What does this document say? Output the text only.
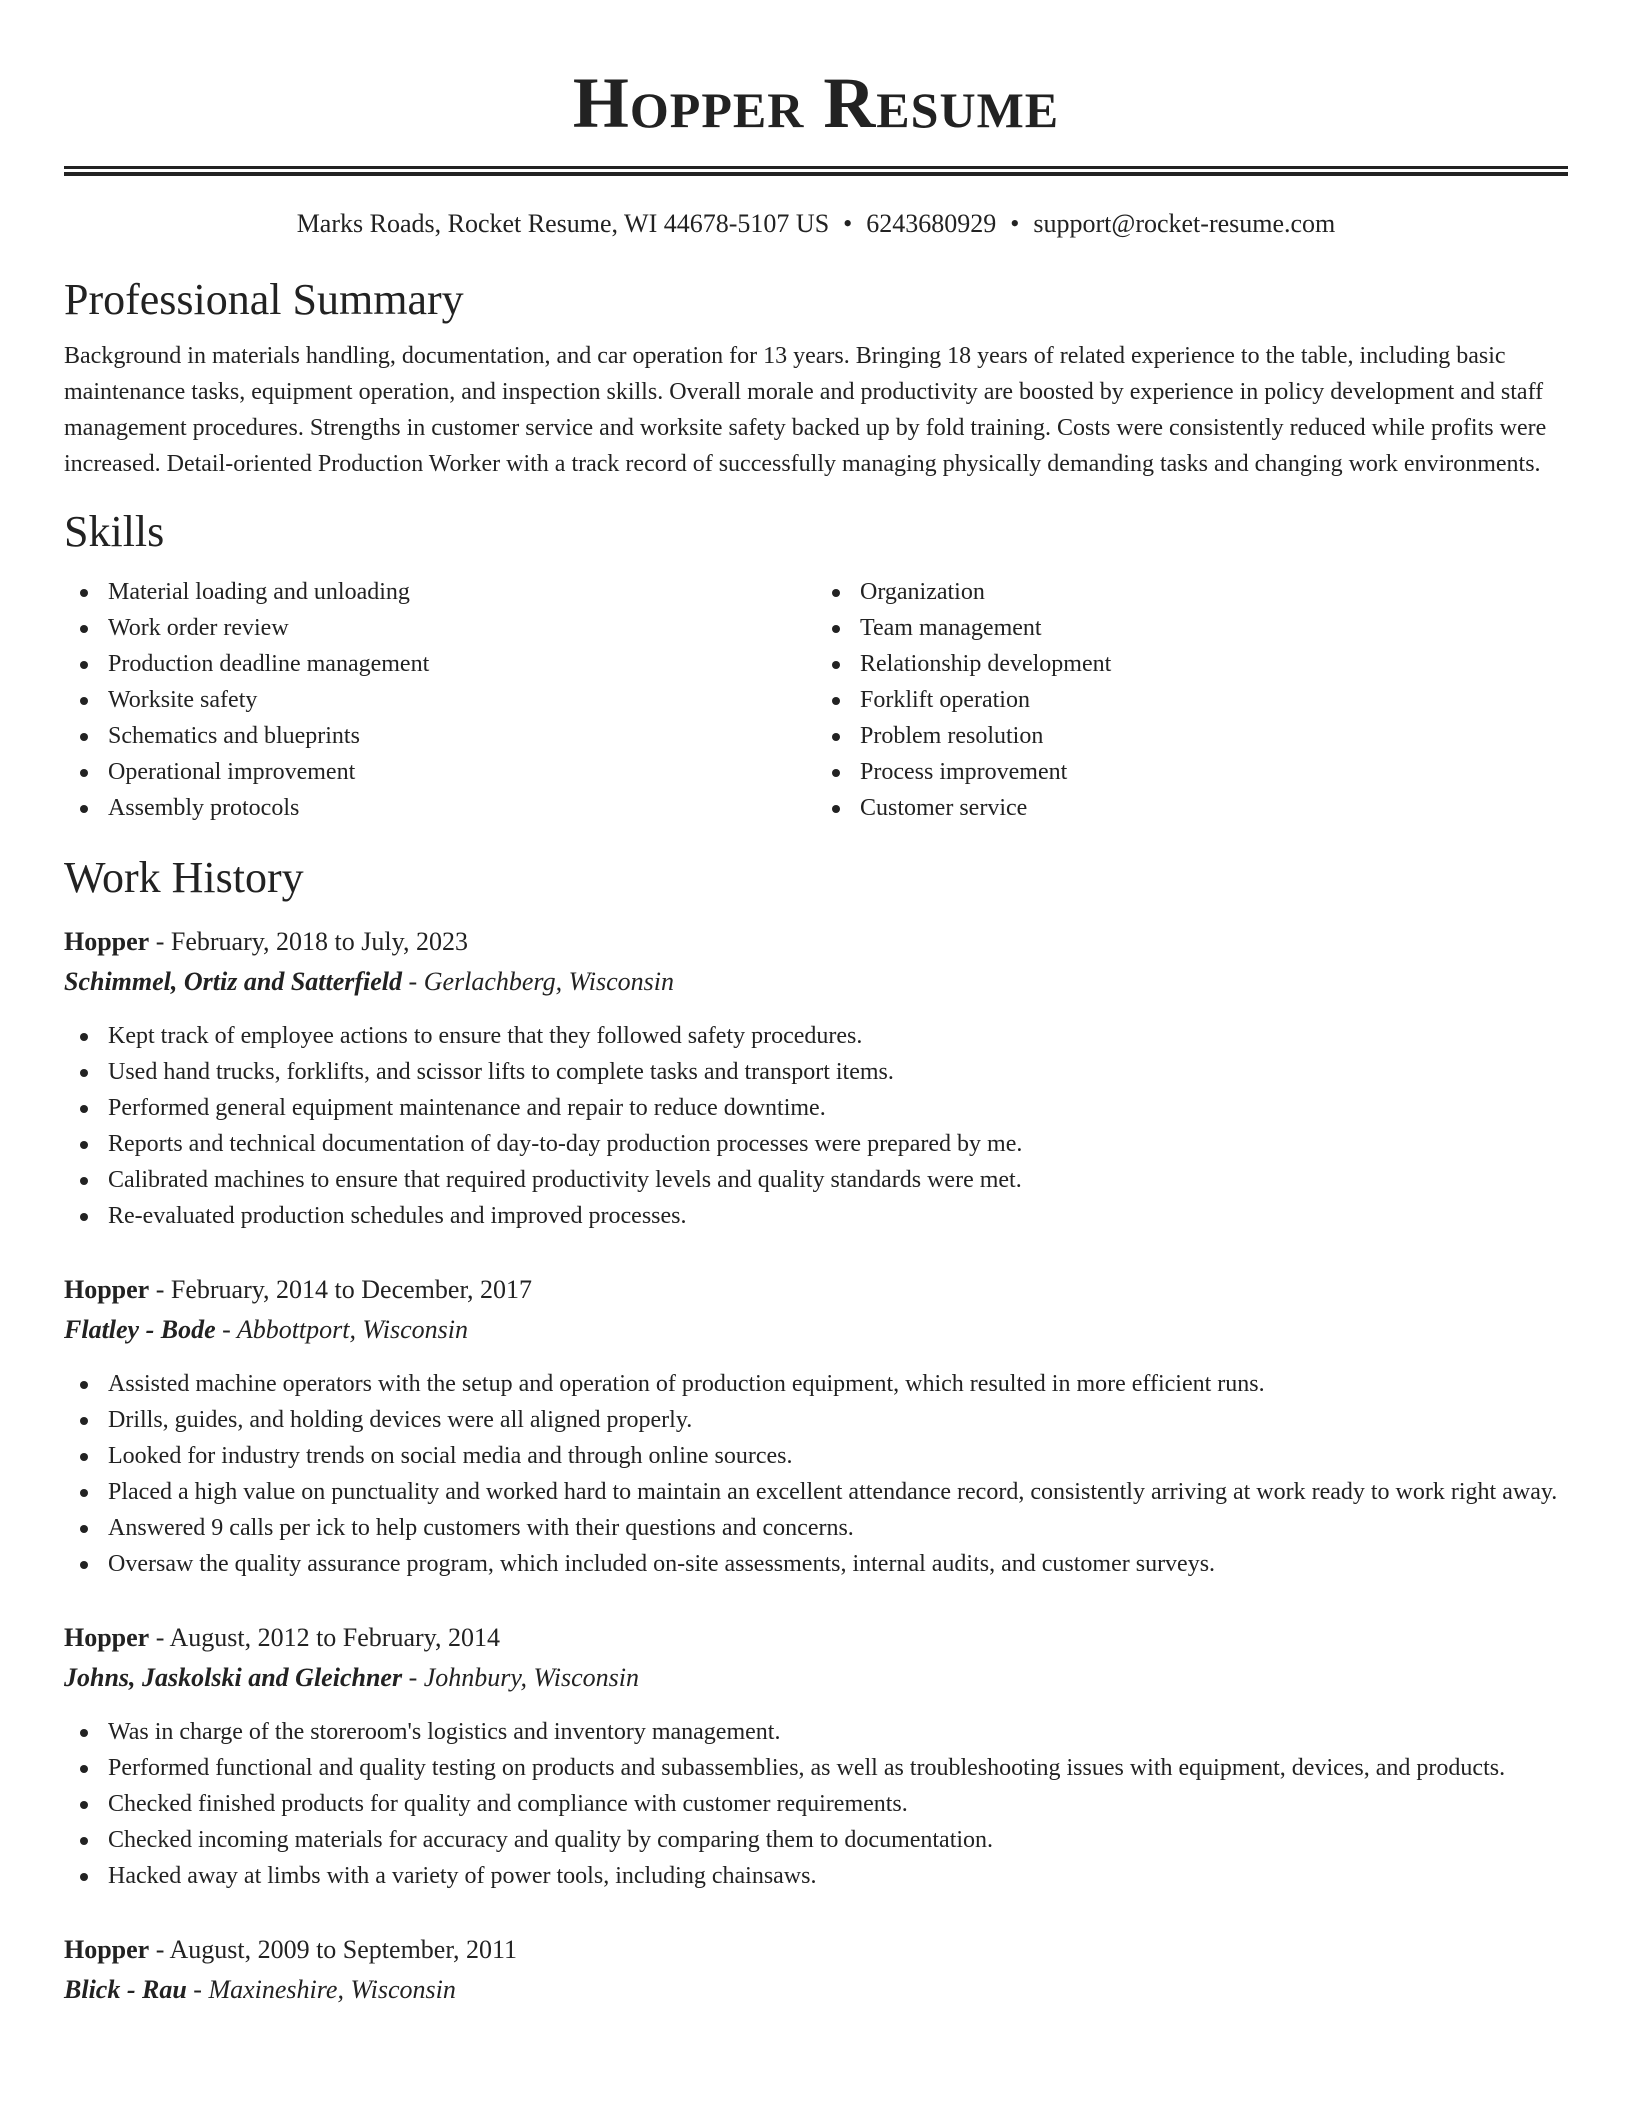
Hopper Resume
Marks Roads, Rocket Resume, WI 44678-5107 US • 6243680929 • support@rocket-resume.com
Professional Summary

Background in materials handling, documentation, and car operation for 13 years. Bringing 18 years of related experience to the table, including basic maintenance tasks, equipment operation, and inspection skills. Overall morale and productivity are boosted by experience in policy development and staff management procedures. Strengths in customer service and worksite safety backed up by fold training. Costs were consistently reduced while profits were increased. Detail-oriented Production Worker with a track record of successfully managing physically demanding tasks and changing work environments.

Skills
Material loading and unloading
Work order review
Production deadline management
Worksite safety
Schematics and blueprints
Operational improvement
Assembly protocols
Organization
Team management
Relationship development
Forklift operation
Problem resolution
Process improvement
Customer service
Work History
Hopper - February, 2018 to July, 2023
Schimmel, Ortiz and Satterfield - Gerlachberg, Wisconsin
Kept track of employee actions to ensure that they followed safety procedures.
Used hand trucks, forklifts, and scissor lifts to complete tasks and transport items.
Performed general equipment maintenance and repair to reduce downtime.
Reports and technical documentation of day-to-day production processes were prepared by me.
Calibrated machines to ensure that required productivity levels and quality standards were met.
Re-evaluated production schedules and improved processes.
Hopper - February, 2014 to December, 2017
Flatley - Bode - Abbottport, Wisconsin
Assisted machine operators with the setup and operation of production equipment, which resulted in more efficient runs.
Drills, guides, and holding devices were all aligned properly.
Looked for industry trends on social media and through online sources.
Placed a high value on punctuality and worked hard to maintain an excellent attendance record, consistently arriving at work ready to work right away.
Answered 9 calls per ick to help customers with their questions and concerns.
Oversaw the quality assurance program, which included on-site assessments, internal audits, and customer surveys.
Hopper - August, 2012 to February, 2014
Johns, Jaskolski and Gleichner - Johnbury, Wisconsin
Was in charge of the storeroom's logistics and inventory management.
Performed functional and quality testing on products and subassemblies, as well as troubleshooting issues with equipment, devices, and products.
Checked finished products for quality and compliance with customer requirements.
Checked incoming materials for accuracy and quality by comparing them to documentation.
Hacked away at limbs with a variety of power tools, including chainsaws.
Hopper - August, 2009 to September, 2011
Blick - Rau - Maxineshire, Wisconsin
